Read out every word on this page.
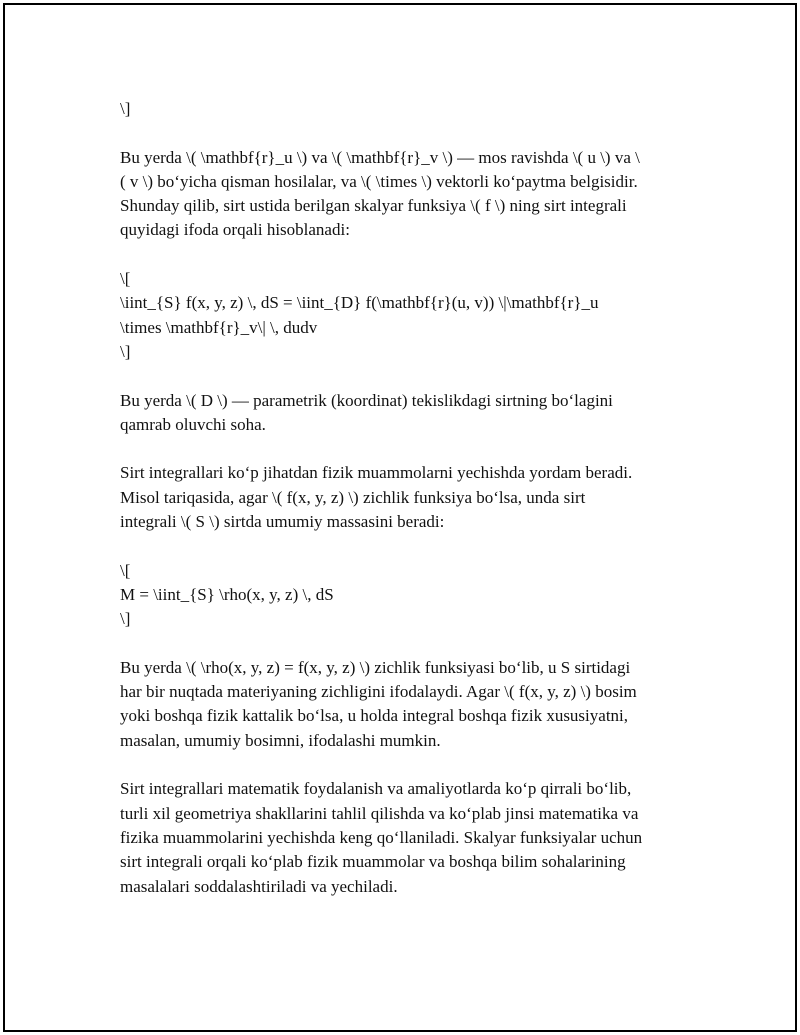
\]

Bu yerda \( \mathbf{r}_u \) va \( \mathbf{r}_v \) — mos ravishda \( u \) va \

( v \) bo‘yicha qisman hosilalar, va \( \times \) vektorli ko‘paytma belgisidir.

Shunday qilib, sirt ustida berilgan skalyar funksiya \( f \) ning sirt integrali

quyidagi ifoda orqali hisoblanadi:

\[

\iint_{S} f(x, y, z) \, dS = \iint_{D} f(\mathbf{r}(u, v)) \|\mathbf{r}_u

\times \mathbf{r}_v\| \, dudv

\]

Bu yerda \( D \) — parametrik (koordinat) tekislikdagi sirtning bo‘lagini

qamrab oluvchi soha.

Sirt integrallari ko‘p jihatdan fizik muammolarni yechishda yordam beradi.

Misol tariqasida, agar \( f(x, y, z) \) zichlik funksiya bo‘lsa, unda sirt

integrali \( S \) sirtda umumiy massasini beradi:

\[

M = \iint_{S} \rho(x, y, z) \, dS

\]

Bu yerda \( \rho(x, y, z) = f(x, y, z) \) zichlik funksiyasi bo‘lib, u S sirtidagi

har bir nuqtada materiyaning zichligini ifodalaydi. Agar \( f(x, y, z) \) bosim

yoki boshqa fizik kattalik bo‘lsa, u holda integral boshqa fizik xususiyatni,

masalan, umumiy bosimni, ifodalashi mumkin.

Sirt integrallari matematik foydalanish va amaliyotlarda ko‘p qirrali bo‘lib,

turli xil geometriya shakllarini tahlil qilishda va ko‘plab jinsi matematika va

fizika muammolarini yechishda keng qo‘llaniladi. Skalyar funksiyalar uchun

sirt integrali orqali ko‘plab fizik muammolar va boshqa bilim sohalarining

masalalari soddalashtiriladi va yechiladi.
